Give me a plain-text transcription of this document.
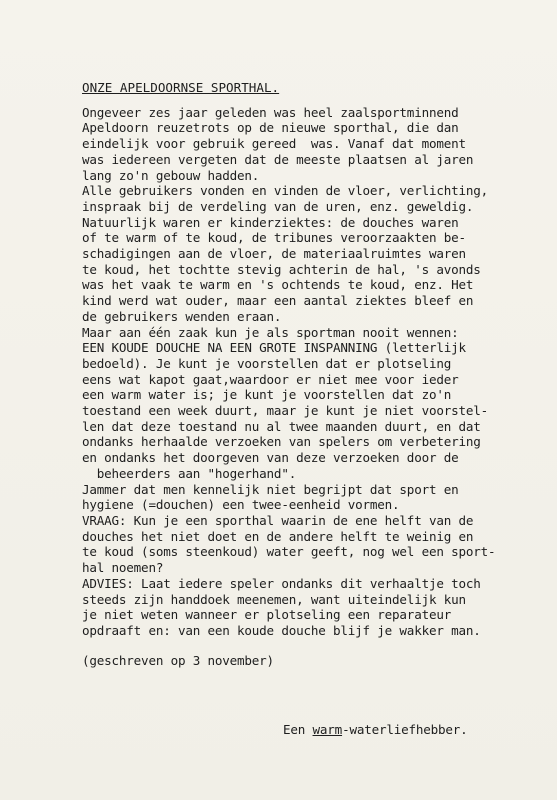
ONZE APELDOORNSE SPORTHAL.
Ongeveer zes jaar geleden was heel zaalsportminnend
Apeldoorn reuzetrots op de nieuwe sporthal, die dan
eindelijk voor gebruik gereed  was. Vanaf dat moment
was iedereen vergeten dat de meeste plaatsen al jaren
lang zo'n gebouw hadden.
Alle gebruikers vonden en vinden de vloer, verlichting,
inspraak bij de verdeling van de uren, enz. geweldig.
Natuurlijk waren er kinderziektes: de douches waren
of te warm of te koud, de tribunes veroorzaakten be-
schadigingen aan de vloer, de materiaalruimtes waren
te koud, het tochtte stevig achterin de hal, 's avonds
was het vaak te warm en 's ochtends te koud, enz. Het
kind werd wat ouder, maar een aantal ziektes bleef en
de gebruikers wenden eraan.
Maar aan één zaak kun je als sportman nooit wennen:
EEN KOUDE DOUCHE NA EEN GROTE INSPANNING (letterlijk
bedoeld). Je kunt je voorstellen dat er plotseling
eens wat kapot gaat,waardoor er niet mee voor ieder
een warm water is; je kunt je voorstellen dat zo'n
toestand een week duurt, maar je kunt je niet voorstel-
len dat deze toestand nu al twee maanden duurt, en dat
ondanks herhaalde verzoeken van spelers om verbetering
en ondanks het doorgeven van deze verzoeken door de
beheerders aan "hogerhand".
Jammer dat men kennelijk niet begrijpt dat sport en
hygiene (=douchen) een twee-eenheid vormen.
VRAAG: Kun je een sporthal waarin de ene helft van de
douches het niet doet en de andere helft te weinig en
te koud (soms steenkoud) water geeft, nog wel een sport-
hal noemen?
ADVIES: Laat iedere speler ondanks dit verhaaltje toch
steeds zijn handdoek meenemen, want uiteindelijk kun
je niet weten wanneer er plotseling een reparateur
opdraaft en: van een koude douche blijf je wakker man.
(geschreven op 3 november)
Een warm-waterliefhebber.
